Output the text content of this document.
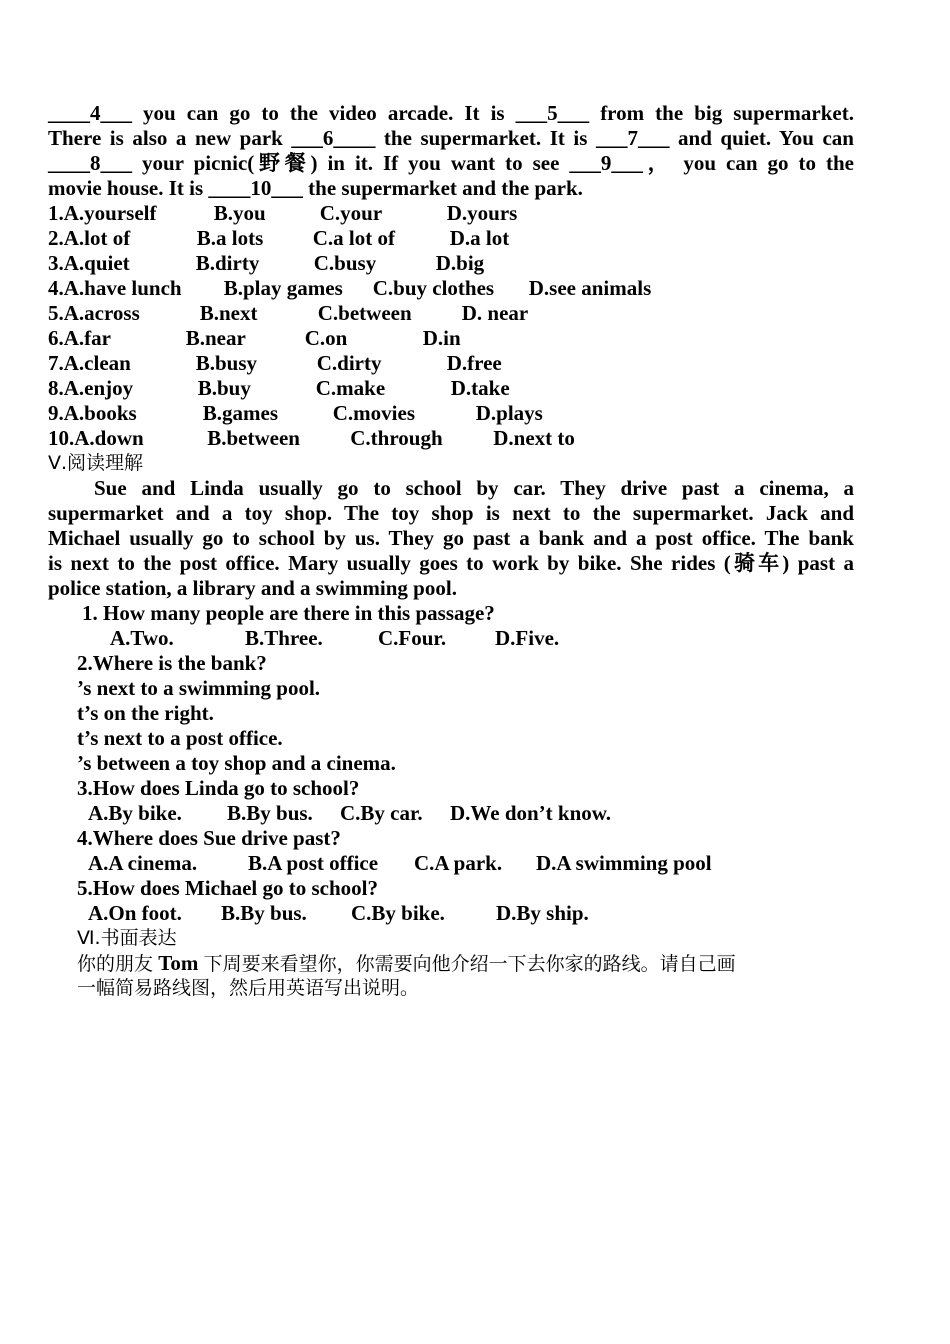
____4___ you can go to the video arcade. It is ___5___ from the big supermarket.
There is also a new park ___6____ the supermarket. It is ___7___ and quiet. You can
____8___ your picnic(野餐) in it. If you want to see ___9___， you can go to the
movie house. It is ____10___ the supermarket and the park.
1.A.yourself	B.you	C.your	D.yours
2.A.lot of	B.a lots C.a lot of	D.a lot
3.A.quiet	B.dirty	C.busy	D.big
4.A.have lunch B.play games C.buy clothes D.see animals
5.A.across	B.next	C.between D. near
6.A.far	B.near	C.on	D.in
7.A.clean	B.busy	C.dirty	D.free
8.A.enjoy	B.buy	C.make	D.take
9.A.books	B.games	C.movies	D.plays
10.A.down	B.between C.through D.next to
Ⅴ.阅读理解
Sue and Linda usually go to school by car. They drive past a cinema, a
supermarket and a toy shop. The toy shop is next to the supermarket. Jack and
Michael usually go to school by us. They go past a bank and a post office. The bank
is next to the post office. Mary usually goes to work by bike. She rides (骑车) past a
police station, a library and a swimming pool.
1. How many people are there in this passage?
A.Two.	B.Three.	C.Four. D.Five.
2.Where is the bank?
’s next to a swimming pool.
t’s on the right.
t’s next to a post office.
’s between a toy shop and a cinema.
3.How does Linda go to school?
A.By bike. B.By bus. C.By car. D.We don’t know.
4.Where does Sue drive past?
A.A cinema. B.A post office C.A park. D.A swimming pool
5.How does Michael go to school?
A.On foot. B.By bus. C.By bike. D.By ship.
Ⅵ.书面表达
你的朋友 Tom 下周要来看望你，你需要向他介绍一下去你家的路线。请自己画
一幅简易路线图，然后用英语写出说明。
